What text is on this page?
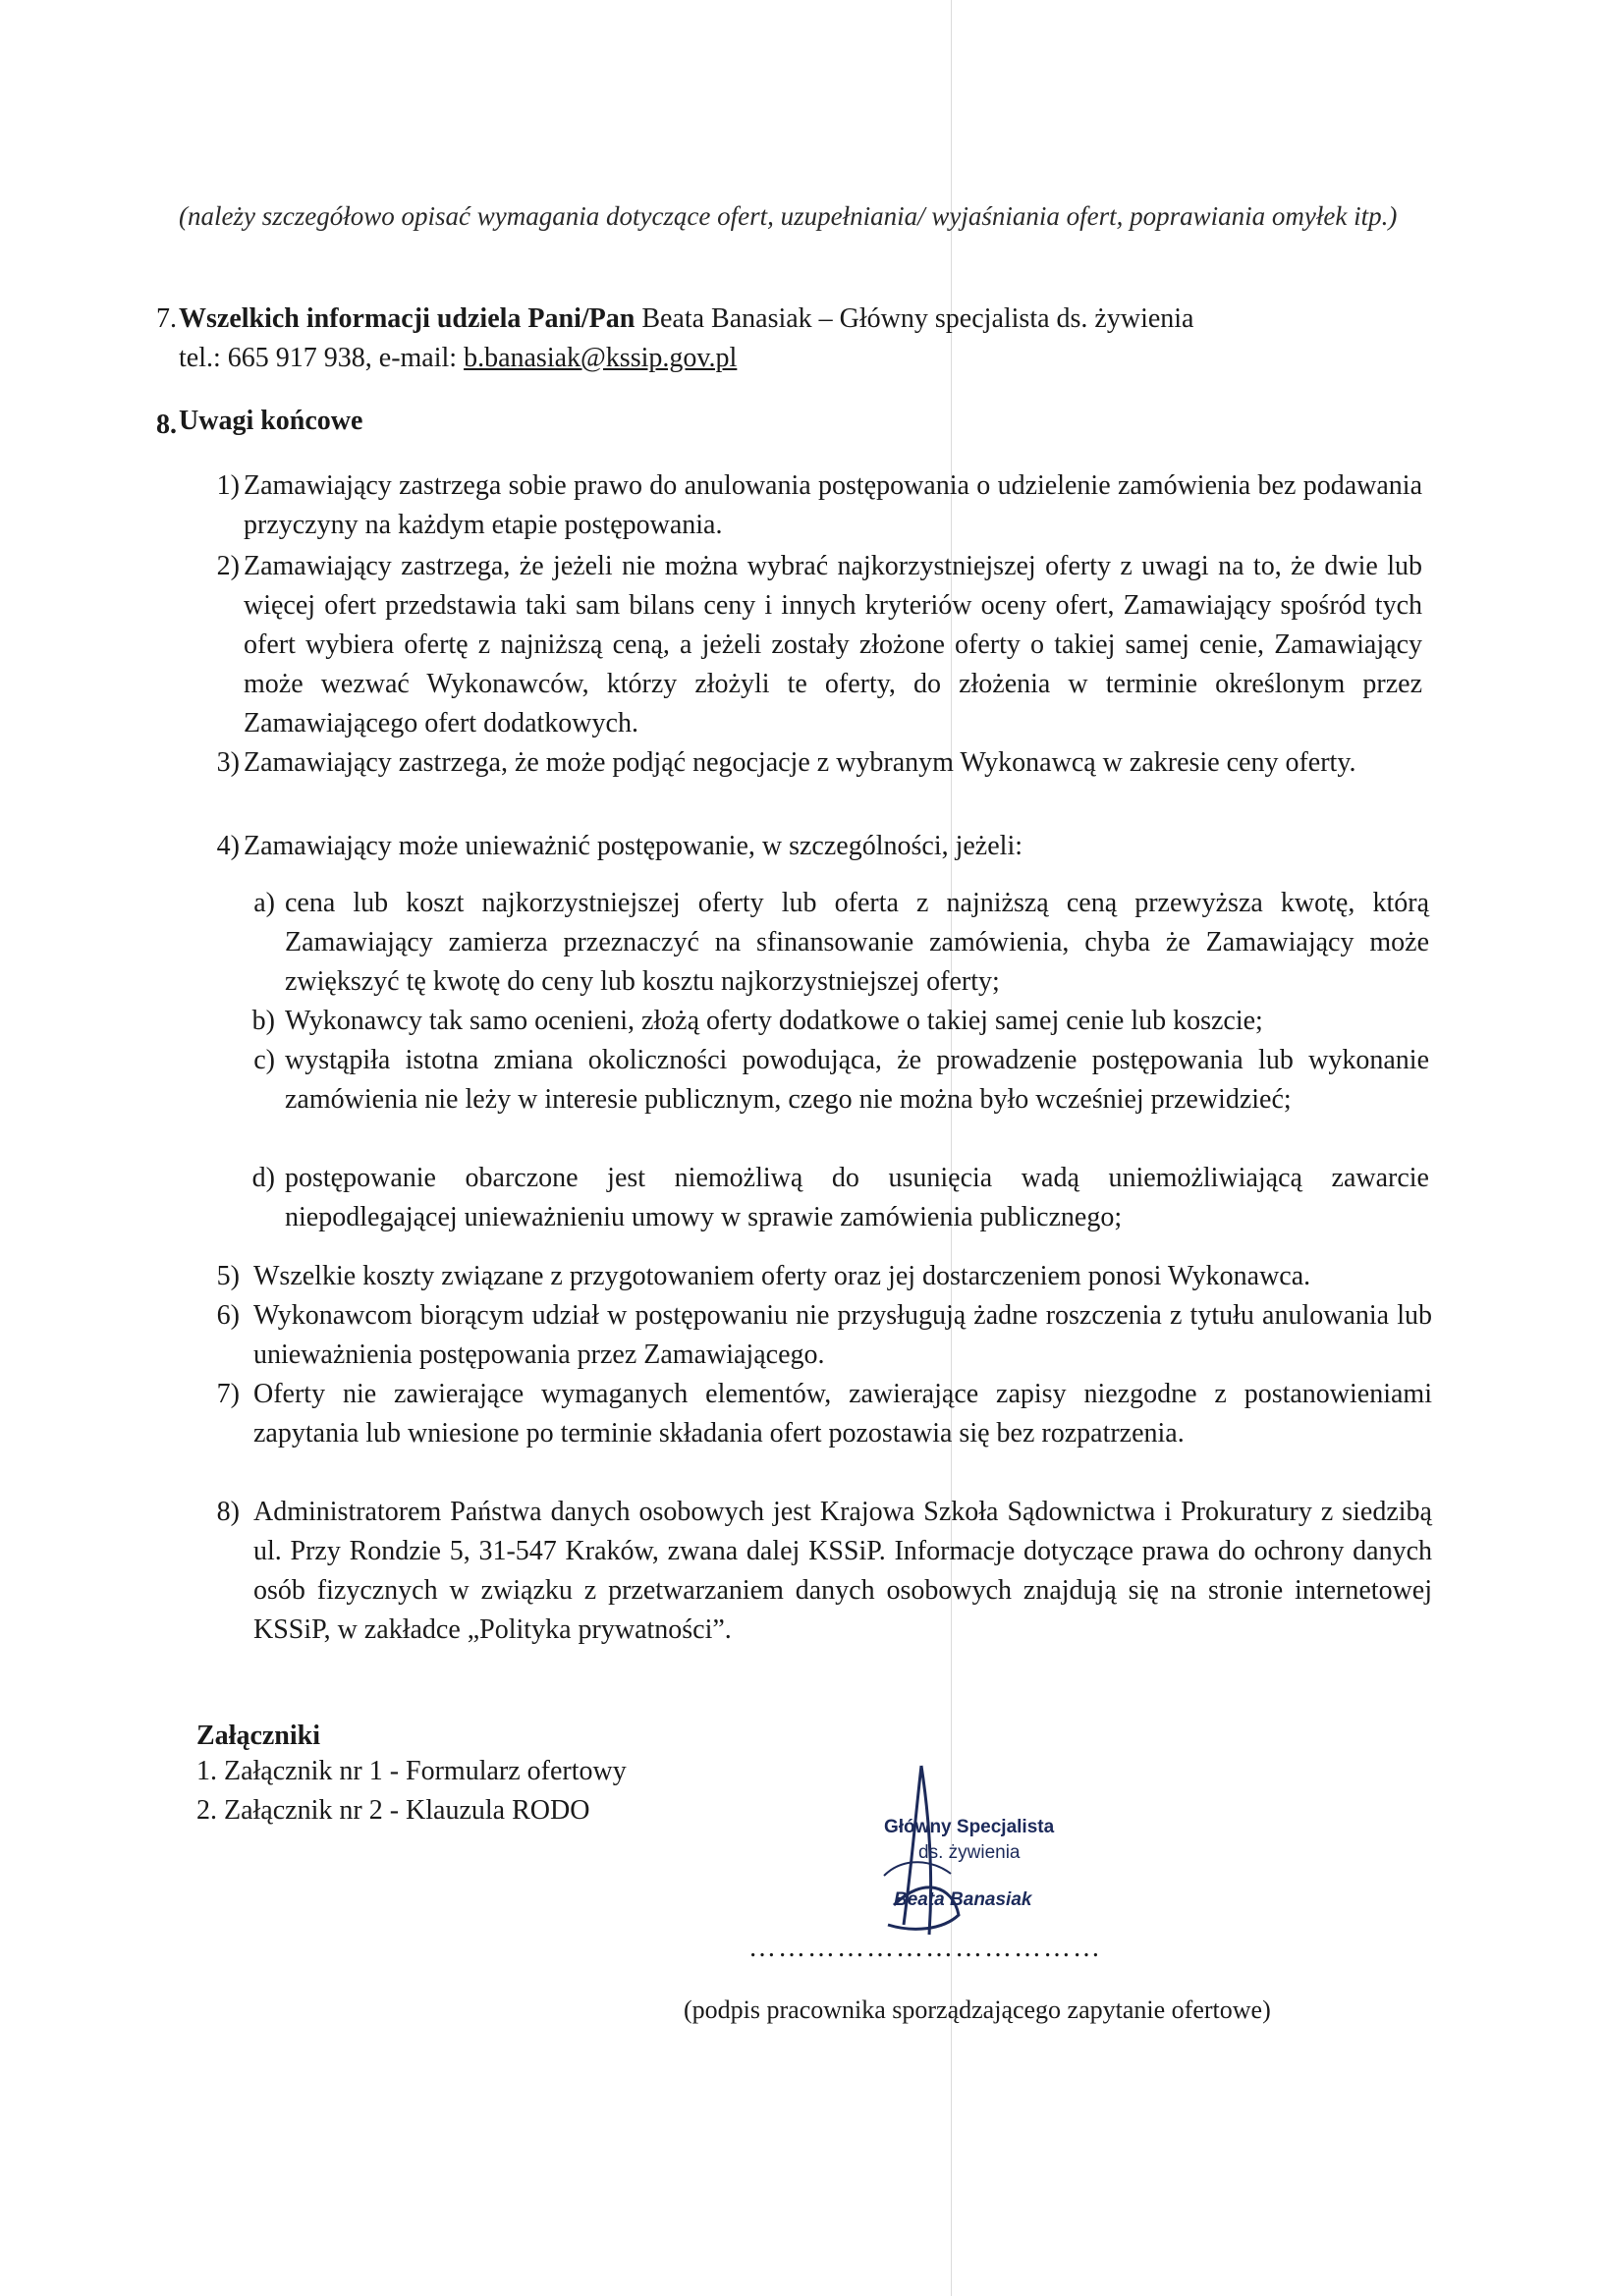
(należy szczegółowo opisać wymagania dotyczące ofert, uzupełniania/ wyjaśniania ofert, poprawiania omyłek itp.)
7. Wszelkich informacji udziela Pani/Pan Beata Banasiak – Główny specjalista ds. żywienia
tel.: 665 917 938, e-mail: b.banasiak@kssip.gov.pl
8. Uwagi końcowe
1) Zamawiający zastrzega sobie prawo do anulowania postępowania o udzielenie zamówienia bez podawania przyczyny na każdym etapie postępowania.
2) Zamawiający zastrzega, że jeżeli nie można wybrać najkorzystniejszej oferty z uwagi na to, że dwie lub więcej ofert przedstawia taki sam bilans ceny i innych kryteriów oceny ofert, Zamawiający spośród tych ofert wybiera ofertę z najniższą ceną, a jeżeli zostały złożone oferty o takiej samej cenie, Zamawiający może wezwać Wykonawców, którzy złożyli te oferty, do złożenia w terminie określonym przez Zamawiającego ofert dodatkowych.
3) Zamawiający zastrzega, że może podjąć negocjacje z wybranym Wykonawcą w zakresie ceny oferty.
4) Zamawiający może unieważnić postępowanie, w szczególności, jeżeli:
a) cena lub koszt najkorzystniejszej oferty lub oferta z najniższą ceną przewyższa kwotę, którą Zamawiający zamierza przeznaczyć na sfinansowanie zamówienia, chyba że Zamawiający może zwiększyć tę kwotę do ceny lub kosztu najkorzystniejszej oferty;
b) Wykonawcy tak samo ocenieni, złożą oferty dodatkowe o takiej samej cenie lub koszcie;
c) wystąpiła istotna zmiana okoliczności powodująca, że prowadzenie postępowania lub wykonanie zamówienia nie leży w interesie publicznym, czego nie można było wcześniej przewidzieć;
d) postępowanie obarczone jest niemożliwą do usunięcia wadą uniemożliwiającą zawarcie niepodlegającej unieważnieniu umowy w sprawie zamówienia publicznego;
5) Wszelkie koszty związane z przygotowaniem oferty oraz jej dostarczeniem ponosi Wykonawca.
6) Wykonawcom biorącym udział w postępowaniu nie przysługują żadne roszczenia z tytułu anulowania lub unieważnienia postępowania przez Zamawiającego.
7) Oferty nie zawierające wymaganych elementów, zawierające zapisy niezgodne z postanowieniami zapytania lub wniesione po terminie składania ofert pozostawia się bez rozpatrzenia.
8) Administratorem Państwa danych osobowych jest Krajowa Szkoła Sądownictwa i Prokuratury z siedzibą ul. Przy Rondzie 5, 31-547 Kraków, zwana dalej KSSiP. Informacje dotyczące prawa do ochrony danych osób fizycznych w związku z przetwarzaniem danych osobowych znajdują się na stronie internetowej KSSiP, w zakładce „Polityka prywatności”.
Załączniki
1. Załącznik nr 1 - Formularz ofertowy
2. Załącznik nr 2 - Klauzula RODO
Główny Specjalista
ds. żywienia
Beata Banasiak
………………………………
(podpis pracownika sporządzającego zapytanie ofertowe)
